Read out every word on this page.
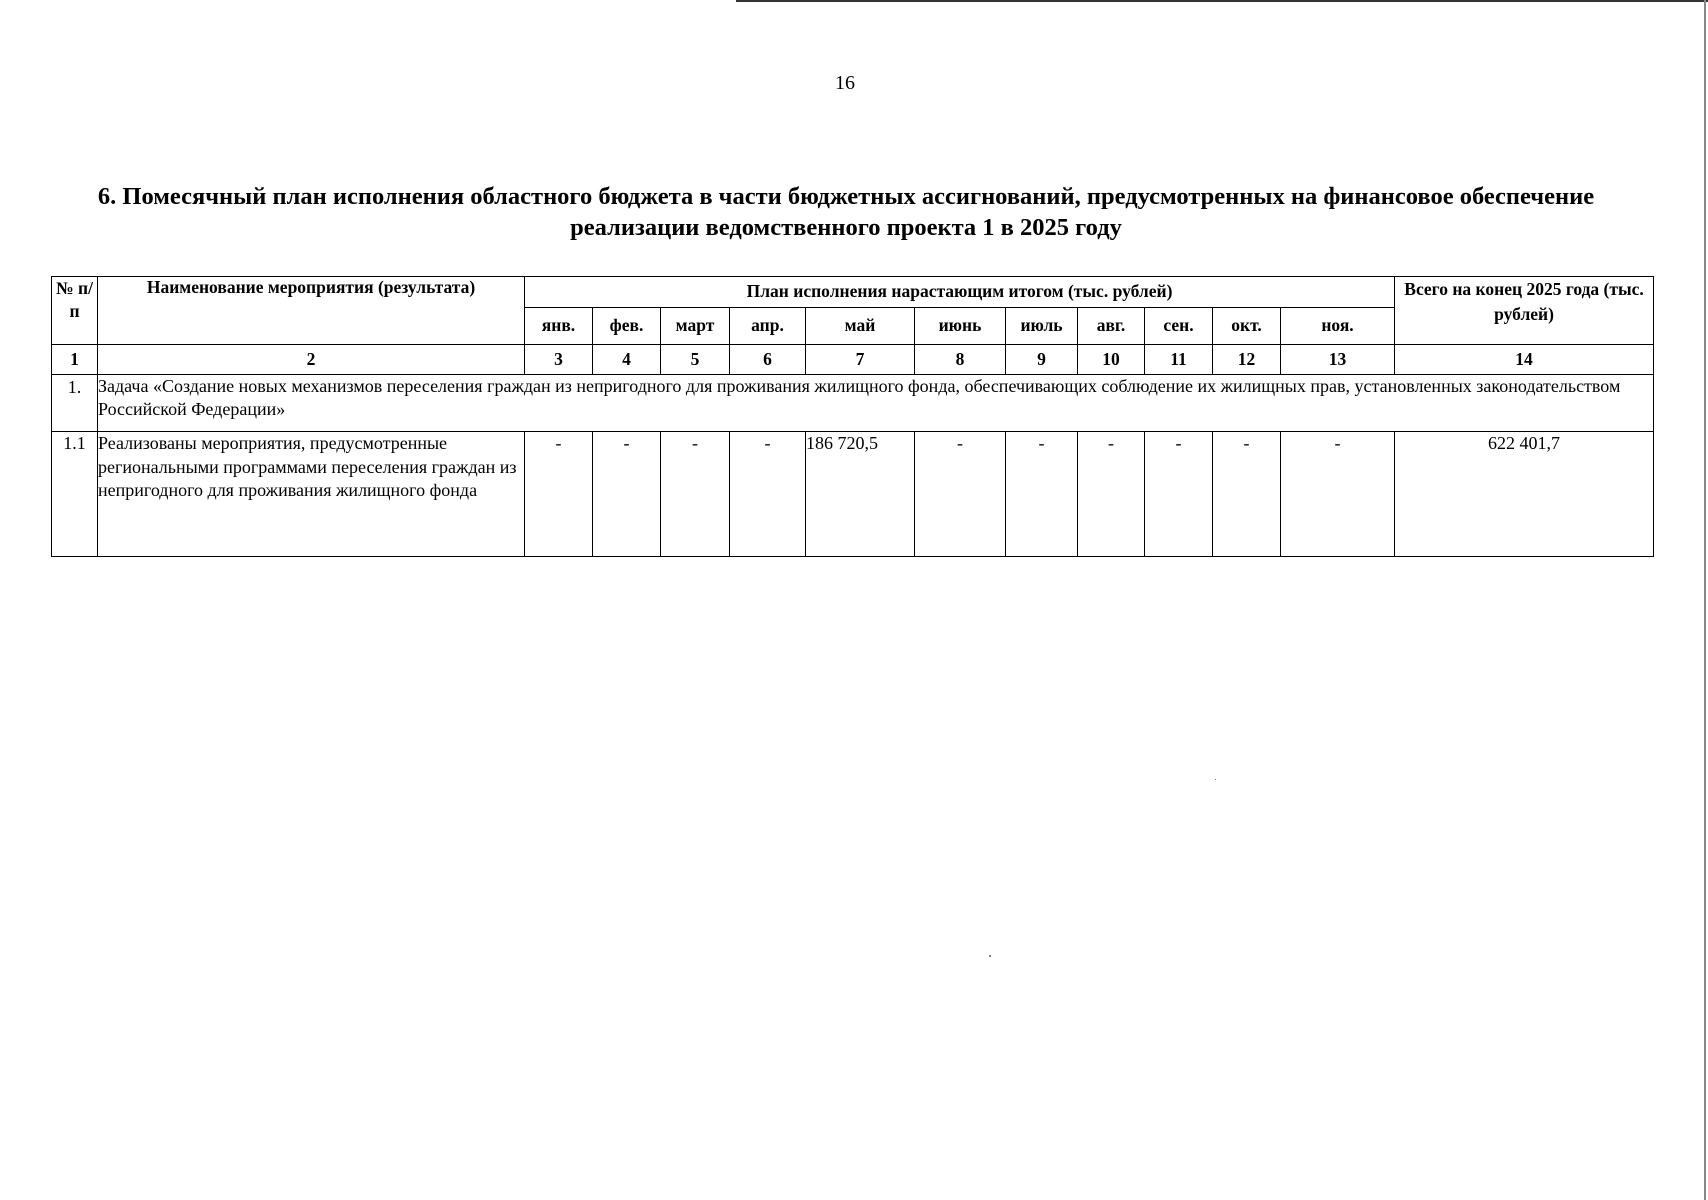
16
6. Помесячный план исполнения областного бюджета в части бюджетных ассигнований, предусмотренных на финансовое обеспечение реализации ведомственного проекта 1 в 2025 году
№ п/п	Наименование мероприятия (результата)	План исполнения нарастающим итогом (тыс. рублей)											Всего на конец 2025 года (тыс. рублей)
		янв.	фев.	март	апр.	май	июнь	июль	авг.	сен.	окт.	ноя.	
1	2	3	4	5	6	7	8	9	10	11	12	13	14
1.	Задача «Создание новых механизмов переселения граждан из непригодного для проживания жилищного фонда, обеспечивающих соблюдение их жилищных прав, установленных законодательством Российской Федерации»												
1.1	Реализованы мероприятия, предусмотренные региональными программами переселения граждан из непригодного для проживания жилищного фонда	-	-	-	-	186 720,5	-	-	-	-	-	-	622 401,7
